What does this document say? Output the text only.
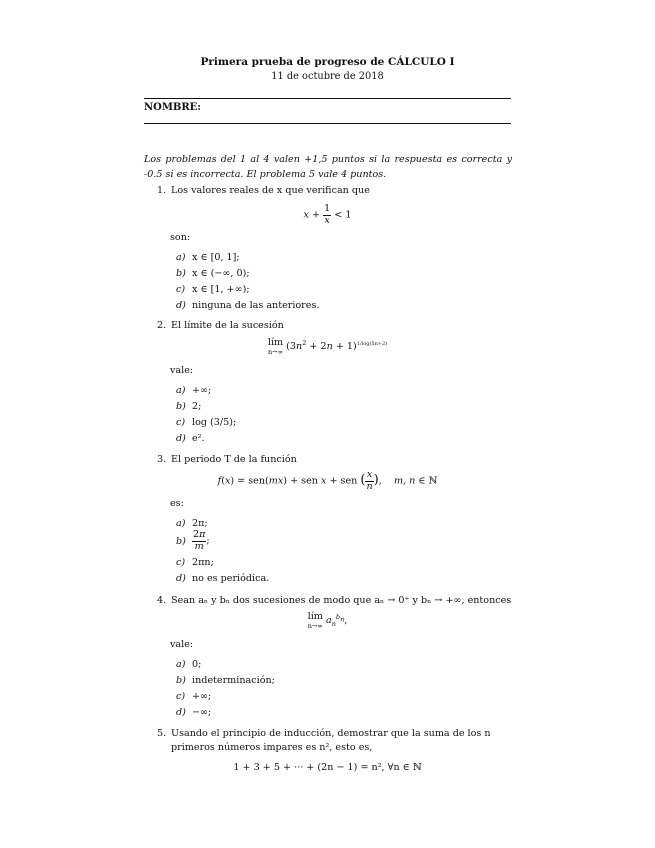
Primera prueba de progreso de CÁLCULO I
11 de octubre de 2018
NOMBRE:
Los problemas del 1 al 4 valen +1,5 puntos si la respuesta es correcta y -0.5 si es incorrecta. El problema 5 vale 4 puntos.
1. Los valores reales de x que verifican que
$x + \frac{1}{x} < 1$
son:
a) x ∈ [0, 1];
b) x ∈ (−∞, 0);
c) x ∈ [1, +∞);
d) ninguna de las anteriores.
2. El límite de la sucesión
lím
n→∞ $(3n^2 + 2n + 1)^{1/log(5n+2)}$
vale:
a) +∞;
b) 2;
c) log (3/5);
d) e².
3. El periodo T de la función
f(x) = sen(mx) + sen x + sen ( $\frac{x}{n}$ ),    m, n ∈ ℕ
es:
a) 2π;
$b) \frac{2\pi}{m}$ ;
c) 2πn;
d) no es periódica.
4. Sean aₙ y bₙ dos sucesiones de modo que aₙ → 0⁺ y bₙ → +∞, entonces
lím
n→∞ $a_n^{b_n}$,
vale:
a) 0;
b) indeterminación;
c) +∞;
d) −∞;
5. Usando el principio de inducción, demostrar que la suma de los n primeros números impares es n², esto es,
1 + 3 + 5 + ··· + (2n − 1) = n², ∀n ∈ ℕ
